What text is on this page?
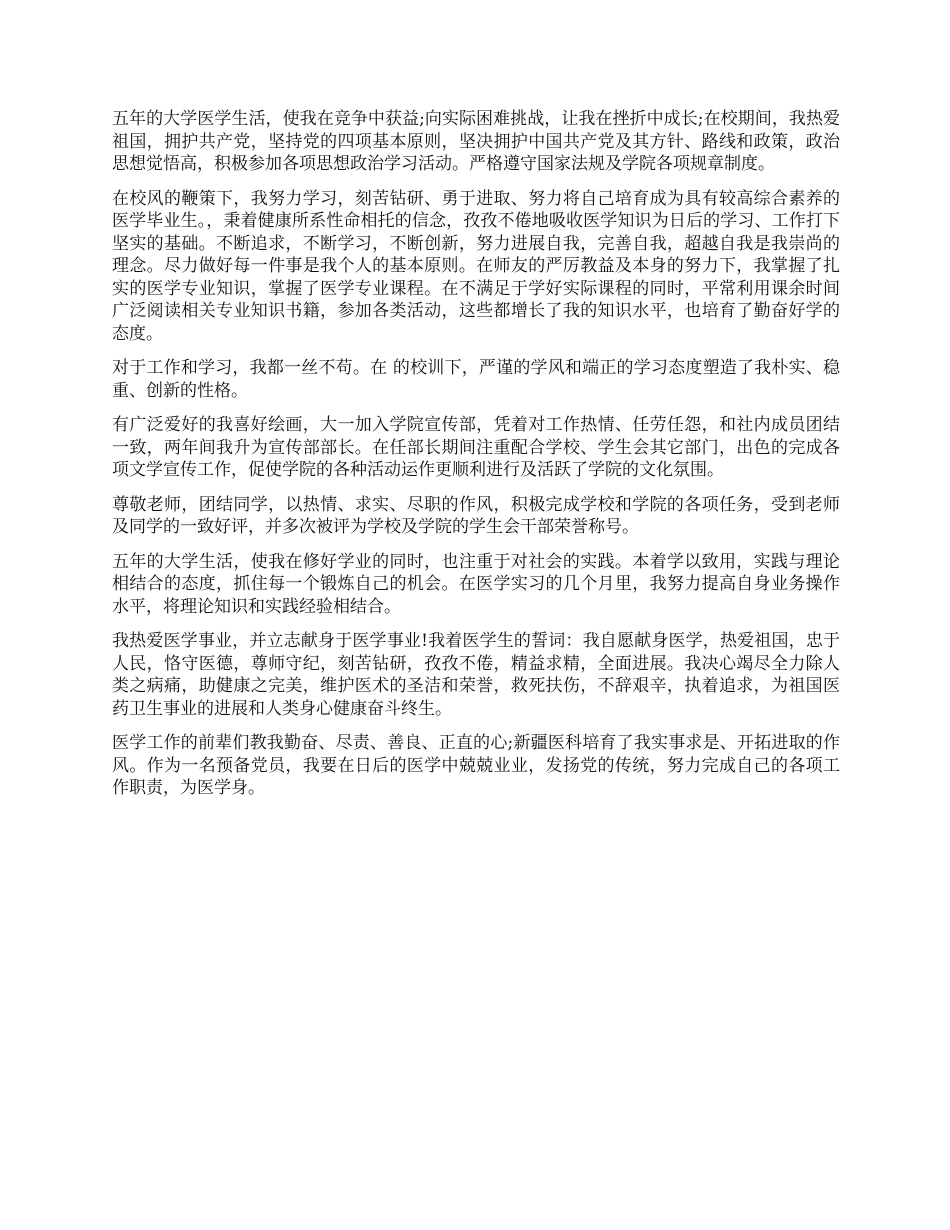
五年的大学医学生活，使我在竞争中获益;向实际困难挑战，让我在挫折中成长;在校期间，我热爱祖国，拥护共产党，坚持党的四项基本原则，坚决拥护中国共产党及其方针、路线和政策，政治思想觉悟高，积极参加各项思想政治学习活动。严格遵守国家法规及学院各项规章制度。

在校风的鞭策下，我努力学习，刻苦钻研、勇于进取、努力将自己培育成为具有较高综合素养的医学毕业生。，秉着健康所系性命相托的信念，孜孜不倦地吸收医学知识为日后的学习、工作打下坚实的基础。不断追求，不断学习，不断创新，努力进展自我，完善自我，超越自我是我崇尚的理念。尽力做好每一件事是我个人的基本原则。在师友的严厉教益及本身的努力下，我掌握了扎实的医学专业知识，掌握了医学专业课程。在不满足于学好实际课程的同时，平常利用课余时间广泛阅读相关专业知识书籍，参加各类活动，这些都增长了我的知识水平，也培育了勤奋好学的态度。

对于工作和学习，我都一丝不苟。在 的校训下，严谨的学风和端正的学习态度塑造了我朴实、稳重、创新的性格。

有广泛爱好的我喜好绘画，大一加入学院宣传部，凭着对工作热情、任劳任怨，和社内成员团结一致，两年间我升为宣传部部长。在任部长期间注重配合学校、学生会其它部门，出色的完成各项文学宣传工作，促使学院的各种活动运作更顺利进行及活跃了学院的文化氛围。

尊敬老师，团结同学，以热情、求实、尽职的作风，积极完成学校和学院的各项任务，受到老师及同学的一致好评，并多次被评为学校及学院的学生会干部荣誉称号。

五年的大学生活，使我在修好学业的同时，也注重于对社会的实践。本着学以致用，实践与理论相结合的态度，抓住每一个锻炼自己的机会。在医学实习的几个月里，我努力提高自身业务操作水平，将理论知识和实践经验相结合。

我热爱医学事业，并立志献身于医学事业!我着医学生的誓词：我自愿献身医学，热爱祖国，忠于人民，恪守医德，尊师守纪，刻苦钻研，孜孜不倦，精益求精，全面进展。我决心竭尽全力除人类之病痛，助健康之完美，维护医术的圣洁和荣誉，救死扶伤，不辞艰辛，执着追求，为祖国医药卫生事业的进展和人类身心健康奋斗终生。

医学工作的前辈们教我勤奋、尽责、善良、正直的心;新疆医科培育了我实事求是、开拓进取的作风。作为一名预备党员，我要在日后的医学中兢兢业业，发扬党的传统，努力完成自己的各项工作职责，为医学身。
